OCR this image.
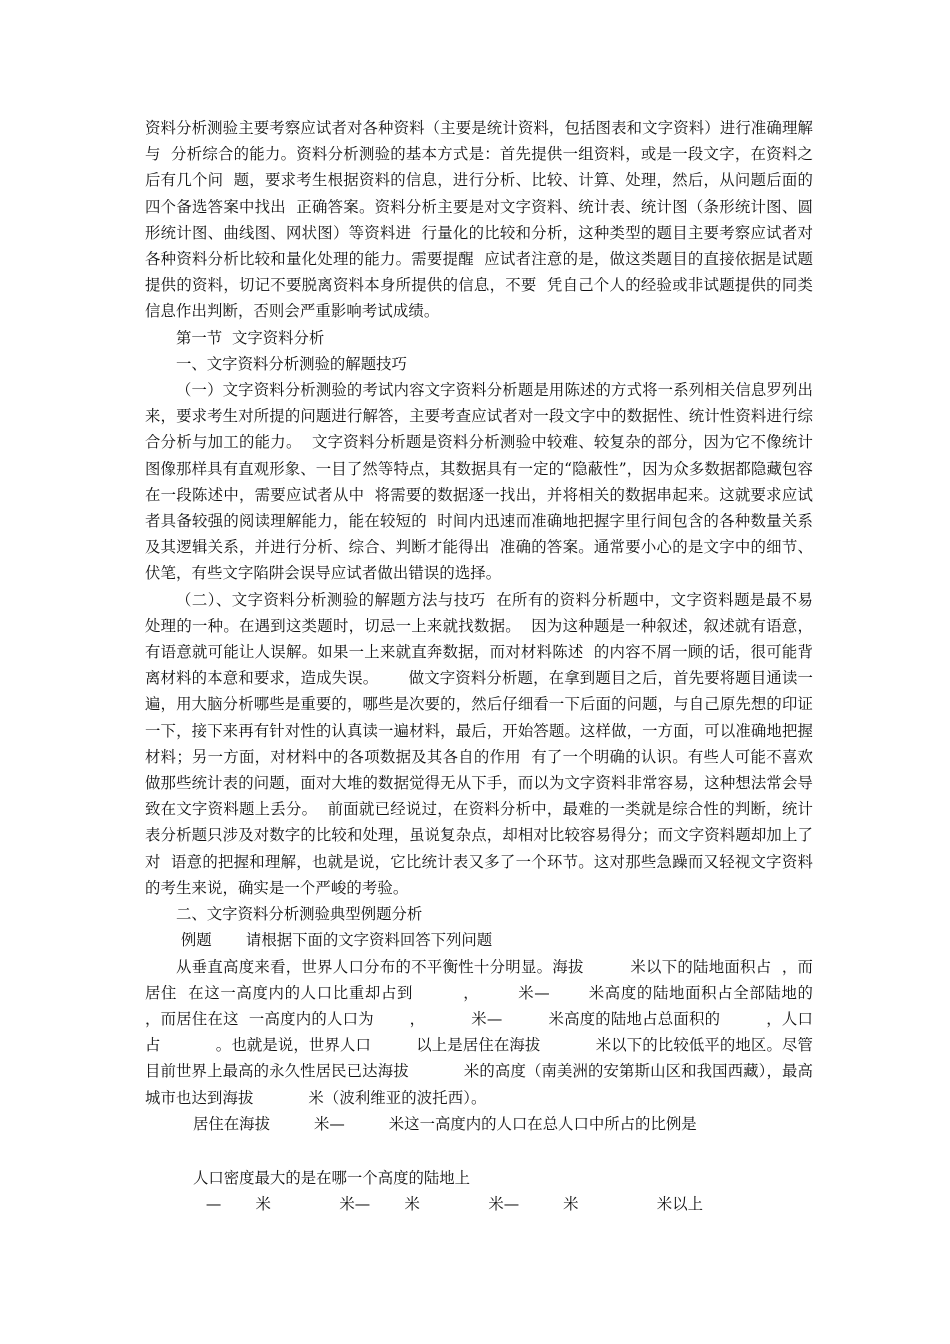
资料分析测验主要考察应试者对各种资料（主要是统计资料，包括图表和文字资料）进行准确理解与  分析综合的能力。资料分析测验的基本方式是：首先提供一组资料，或是一段文字，在资料之后有几个问  题，要求考生根据资料的信息，进行分析、比较、计算、处理，然后，从问题后面的四个备选答案中找出  正确答案。资料分析主要是对文字资料、统计表、统计图（条形统计图、圆形统计图、曲线图、网状图）等资料进  行量化的比较和分析，这种类型的题目主要考察应试者对各种资料分析比较和量化处理的能力。需要提醒  应试者注意的是，做这类题目的直接依据是试题提供的资料，切记不要脱离资料本身所提供的信息，不要  凭自己个人的经验或非试题提供的同类信息作出判断，否则会严重影响考试成绩。

第一节  文字资料分析

一、文字资料分析测验的解题技巧

（一）文字资料分析测验的考试内容文字资料分析题是用陈述的方式将一系列相关信息罗列出来，要求考生对所提的问题进行解答，主要考查应试者对一段文字中的数据性、统计性资料进行综合分析与加工的能力。  文字资料分析题是资料分析测验中较难、较复杂的部分，因为它不像统计图像那样具有直观形象、一目了然等特点，其数据具有一定的“隐蔽性”，因为众多数据都隐藏包容在一段陈述中，需要应试者从中  将需要的数据逐一找出，并将相关的数据串起来。这就要求应试者具备较强的阅读理解能力，能在较短的  时间内迅速而准确地把握字里行间包含的各种数量关系及其逻辑关系，并进行分析、综合、判断才能得出  准确的答案。通常要小心的是文字中的细节、伏笔，有些文字陷阱会误导应试者做出错误的选择。

（二）、文字资料分析测验的解题方法与技巧  在所有的资料分析题中，文字资料题是最不易处理的一种。在遇到这类题时，切忌一上来就找数据。  因为这种题是一种叙述，叙述就有语意，有语意就可能让人误解。如果一上来就直奔数据，而对材料陈述  的内容不屑一顾的话，很可能背离材料的本意和要求，造成失误。      做文字资料分析题，在拿到题目之后，首先要将题目通读一遍，用大脑分析哪些是重要的，哪些是次要的，然后仔细看一下后面的问题，与自己原先想的印证一下，接下来再有针对性的认真读一遍材料，最后，开始答题。这样做，一方面，可以准确地把握材料；另一方面，对材料中的各项数据及其各自的作用  有了一个明确的认识。有些人可能不喜欢做那些统计表的问题，面对大堆的数据觉得无从下手，而以为文字资料非常容易，这种想法常会导致在文字资料题上丢分。  前面就已经说过，在资料分析中，最难的一类就是综合性的判断，统计表分析题只涉及对数字的比较和处理，虽说复杂点，却相对比较容易得分；而文字资料题却加上了对  语意的把握和理解，也就是说，它比统计表又多了一个环节。这对那些急躁而又轻视文字资料的考生来说，确实是一个严峻的考验。

二、文字资料分析测验典型例题分析

例题       请根据下面的文字资料回答下列问题

从垂直高度来看，世界人口分布的不平衡性十分明显。海拔         米以下的陆地面积占  ，而居住  在这一高度内的人口比重却占到         ，       米—       米高度的陆地面积占全部陆地的           ，而居住在这  一高度内的人口为       ，         米—         米高度的陆地占总面积的         ，人口占           。也就是说，世界人口         以上是居住在海拔           米以下的比较低平的地区。尽管目前世界上最高的永久性居民已达海拔           米的高度（南美洲的安第斯山区和我国西藏），最高城市也达到海拔           米（波利维亚的波托西）。

居住在海拔         米—         米这一高度内的人口在总人口中所占的比例是

人口密度最大的是在哪一个高度的陆地上

—       米              米—       米              米—         米                米以上
